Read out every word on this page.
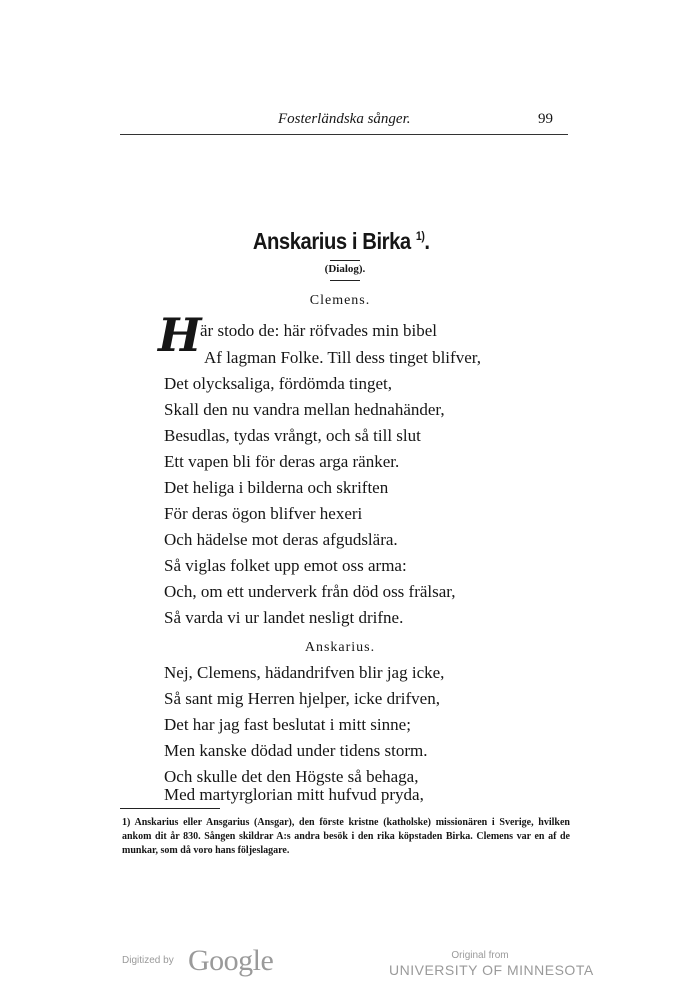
Fosterländska sånger.	99
Anskarius i Birka $^{1)}$.
(Dialog).
Clemens.
H
är stodo de: här röfvades min bibel
Af lagman Folke. Till dess tinget blifver,
Det olycksaliga, fördömda tinget,
Skall den nu vandra mellan hednahänder,
Besudlas, tydas vrångt, och så till slut
Ett vapen bli för deras arga ränker.
Det heliga i bilderna och skriften
För deras ögon blifver hexeri
Och hädelse mot deras afgudslära.
Så viglas folket upp emot oss arma:
Och, om ett underverk från död oss frälsar,
Så varda vi ur landet nesligt drifne.
Anskarius.
Nej, Clemens, hädandrifven blir jag icke,
Så sant mig Herren hjelper, icke drifven,
Det har jag fast beslutat i mitt sinne;
Men kanske dödad under tidens storm.
Och skulle det den Högste så behaga,
Med martyrglorian mitt hufvud pryda,
1) Anskarius eller Ansgarius (Ansgar), den förste kristne (katholske) missionären i Sverige, hvilken ankom dit år 830. Sången skildrar A:s andra besök i den rika köpstaden Birka. Clemens var en af de munkar, som då voro hans följeslagare.
Digitized by Google	Original from
UNIVERSITY OF MINNESOTA
